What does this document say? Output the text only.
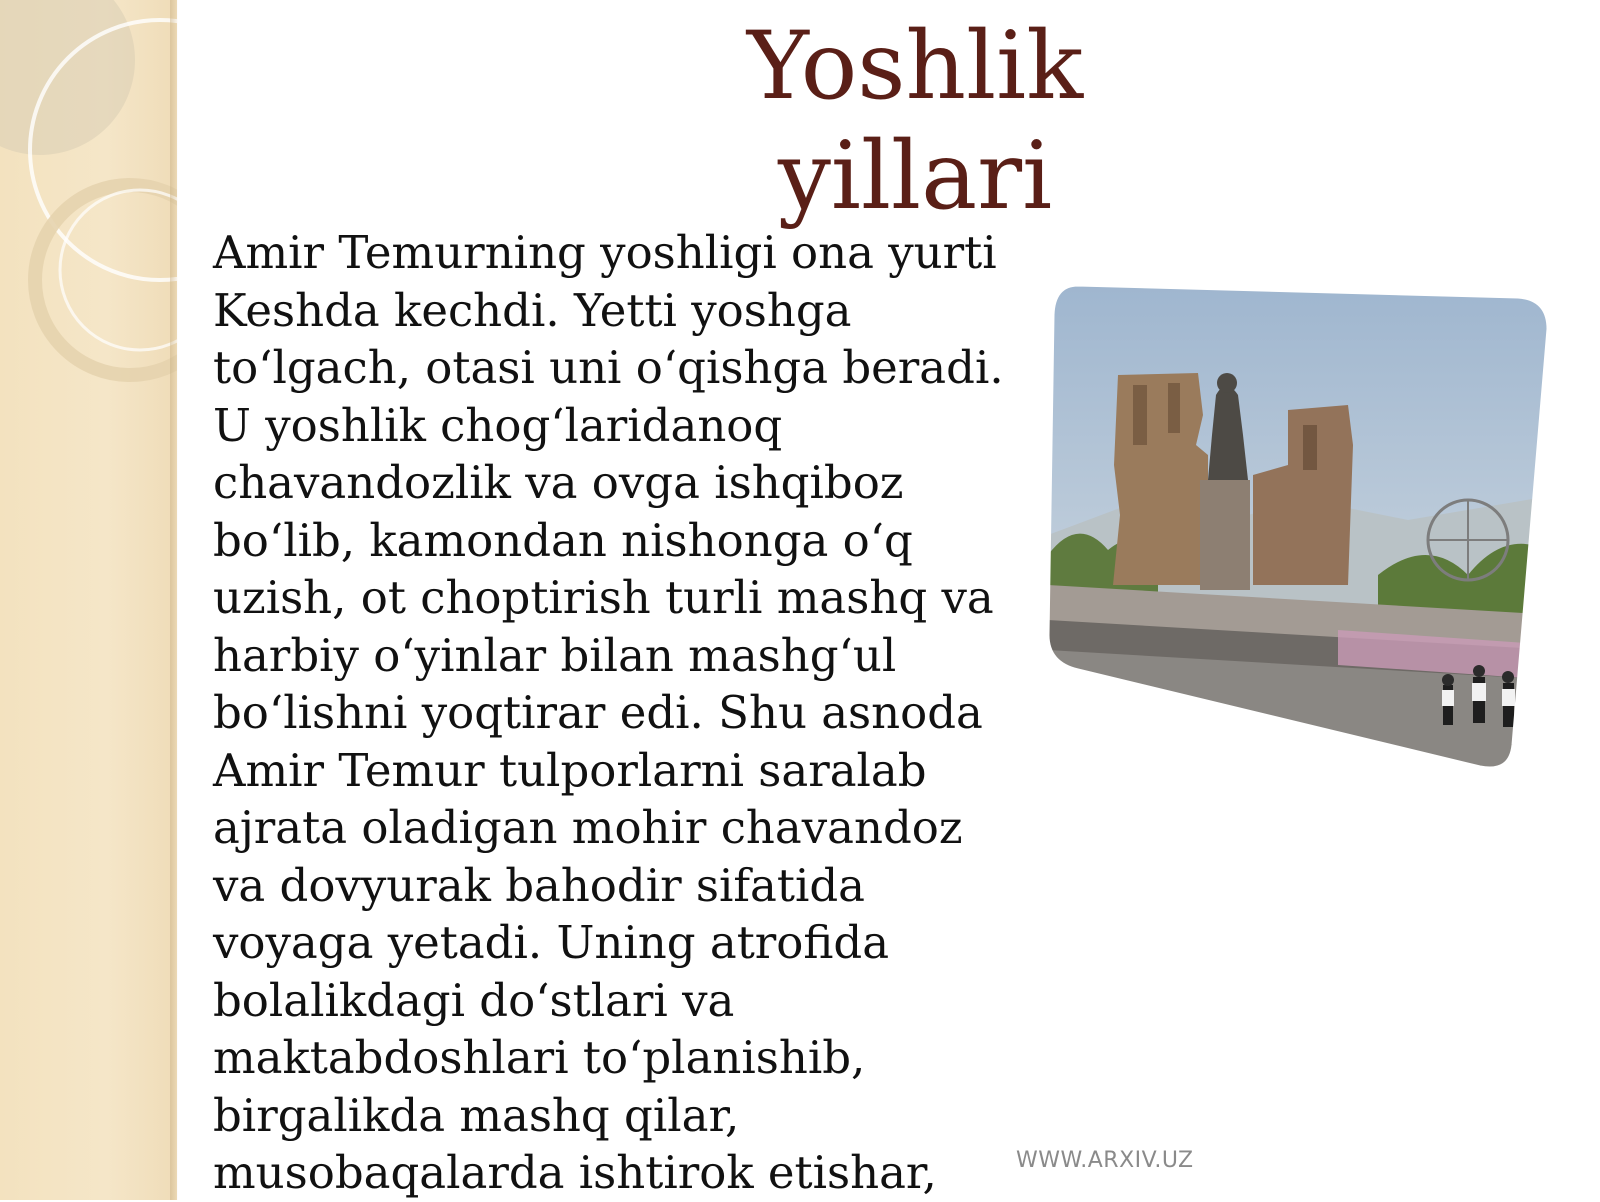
Yoshlik
yillari

Amir Temurning yoshligi ona yurti
Keshda kechdi. Yetti yoshga
to‘lgach, otasi uni o‘qishga beradi.
U yoshlik chog‘laridanoq
chavandozlik va ovga ishqiboz
bo‘lib, kamondan nishonga o‘q
uzish, ot choptirish turli mashq va
harbiy o‘yinlar bilan mashg‘ul
bo‘lishni yoqtirar edi. Shu asnoda
Amir Temur tulporlarni saralab
ajrata oladigan mohir chavandoz
va dovyurak bahodir sifatida
voyaga yetadi. Uning atrofida
bolalikdagi do‘stlari va
maktabdoshlari to‘planishib,
birgalikda mashq qilar,
musobaqalarda ishtirok etishar,	WWW.ARXIV.UZ
